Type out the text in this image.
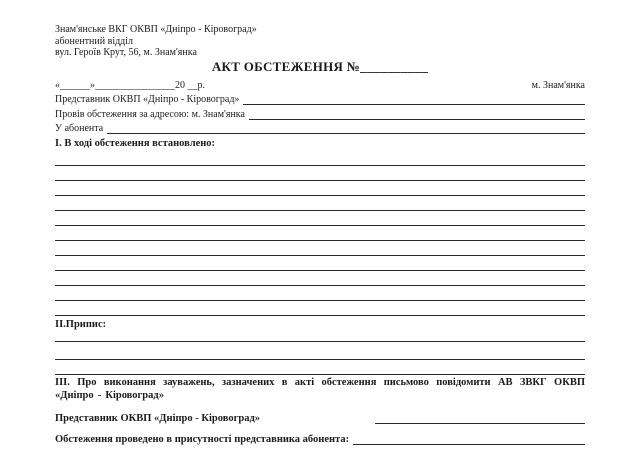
Знам'янське ВКГ ОКВП «Дніпро - Кіровоград»
абонентний відділ
вул. Героїв Крут, 56, м. Знам'янка
АКТ ОБСТЕЖЕННЯ №__________
«______»________________20 __р.	м. Знам'янка
Представник ОКВП «Дніпро - Кіровоград»
Провів обстеження за адресою: м. Знам'янка
У абонента
І. В ході обстеження встановлено:
ІІ.Припис:

ІІІ. Про виконання зауважень, зазначених в акті обстеження письмово повідомити АВ ЗВКГ ОКВП «Дніпро - Кіровоград»

Представник ОКВП «Дніпро - Кіровоград»
Обстеження проведено в присутності представника абонента:
